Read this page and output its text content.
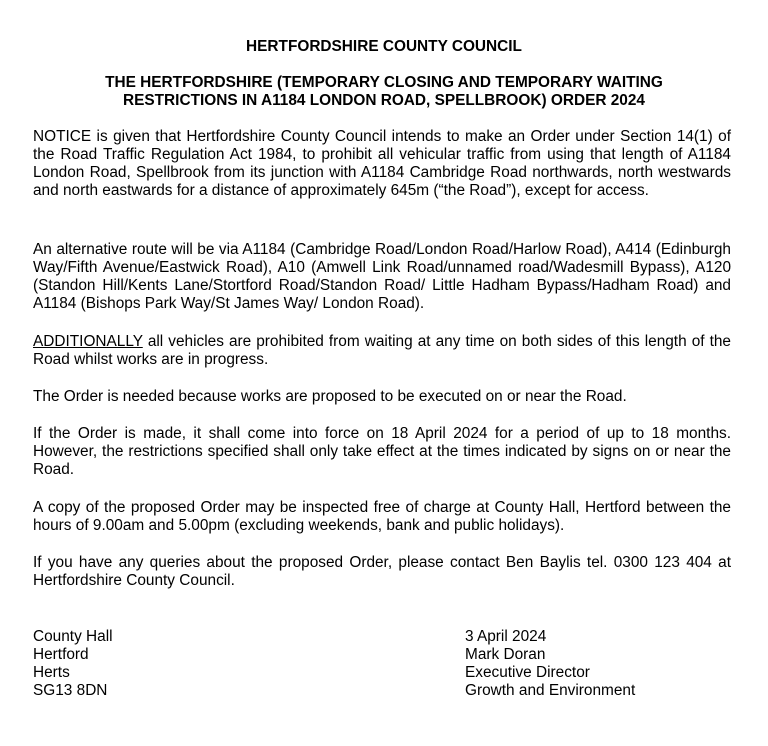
HERTFORDSHIRE COUNTY COUNCIL

THE HERTFORDSHIRE (TEMPORARY CLOSING AND TEMPORARY WAITING
RESTRICTIONS IN A1184 LONDON ROAD, SPELLBROOK) ORDER 2024

NOTICE is given that Hertfordshire County Council intends to make an Order under Section 14(1) of the Road Traffic Regulation Act 1984, to prohibit all vehicular traffic from using that length of A1184 London Road, Spellbrook from its junction with A1184 Cambridge Road northwards, north westwards and north eastwards for a distance of approximately 645m (“the Road”), except for access.

An alternative route will be via A1184 (Cambridge Road/London Road/Harlow Road), A414 (Edinburgh Way/Fifth Avenue/Eastwick Road), A10 (Amwell Link Road/unnamed road/Wadesmill Bypass), A120 (Standon Hill/Kents Lane/Stortford Road/Standon Road/ Little Hadham Bypass/Hadham Road) and A1184 (Bishops Park Way/St James Way/ London Road).

ADDITIONALLY all vehicles are prohibited from waiting at any time on both sides of this length of the Road whilst works are in progress.

The Order is needed because works are proposed to be executed on or near the Road.

If the Order is made, it shall come into force on 18 April 2024 for a period of up to 18 months. However, the restrictions specified shall only take effect at the times indicated by signs on or near the Road.

A copy of the proposed Order may be inspected free of charge at County Hall, Hertford between the hours of 9.00am and 5.00pm (excluding weekends, bank and public holidays).

If you have any queries about the proposed Order, please contact Ben Baylis tel. 0300 123 404 at Hertfordshire County Council.

County Hall
Hertford
Herts
SG13 8DN
3 April 2024
Mark Doran
Executive Director
Growth and Environment
